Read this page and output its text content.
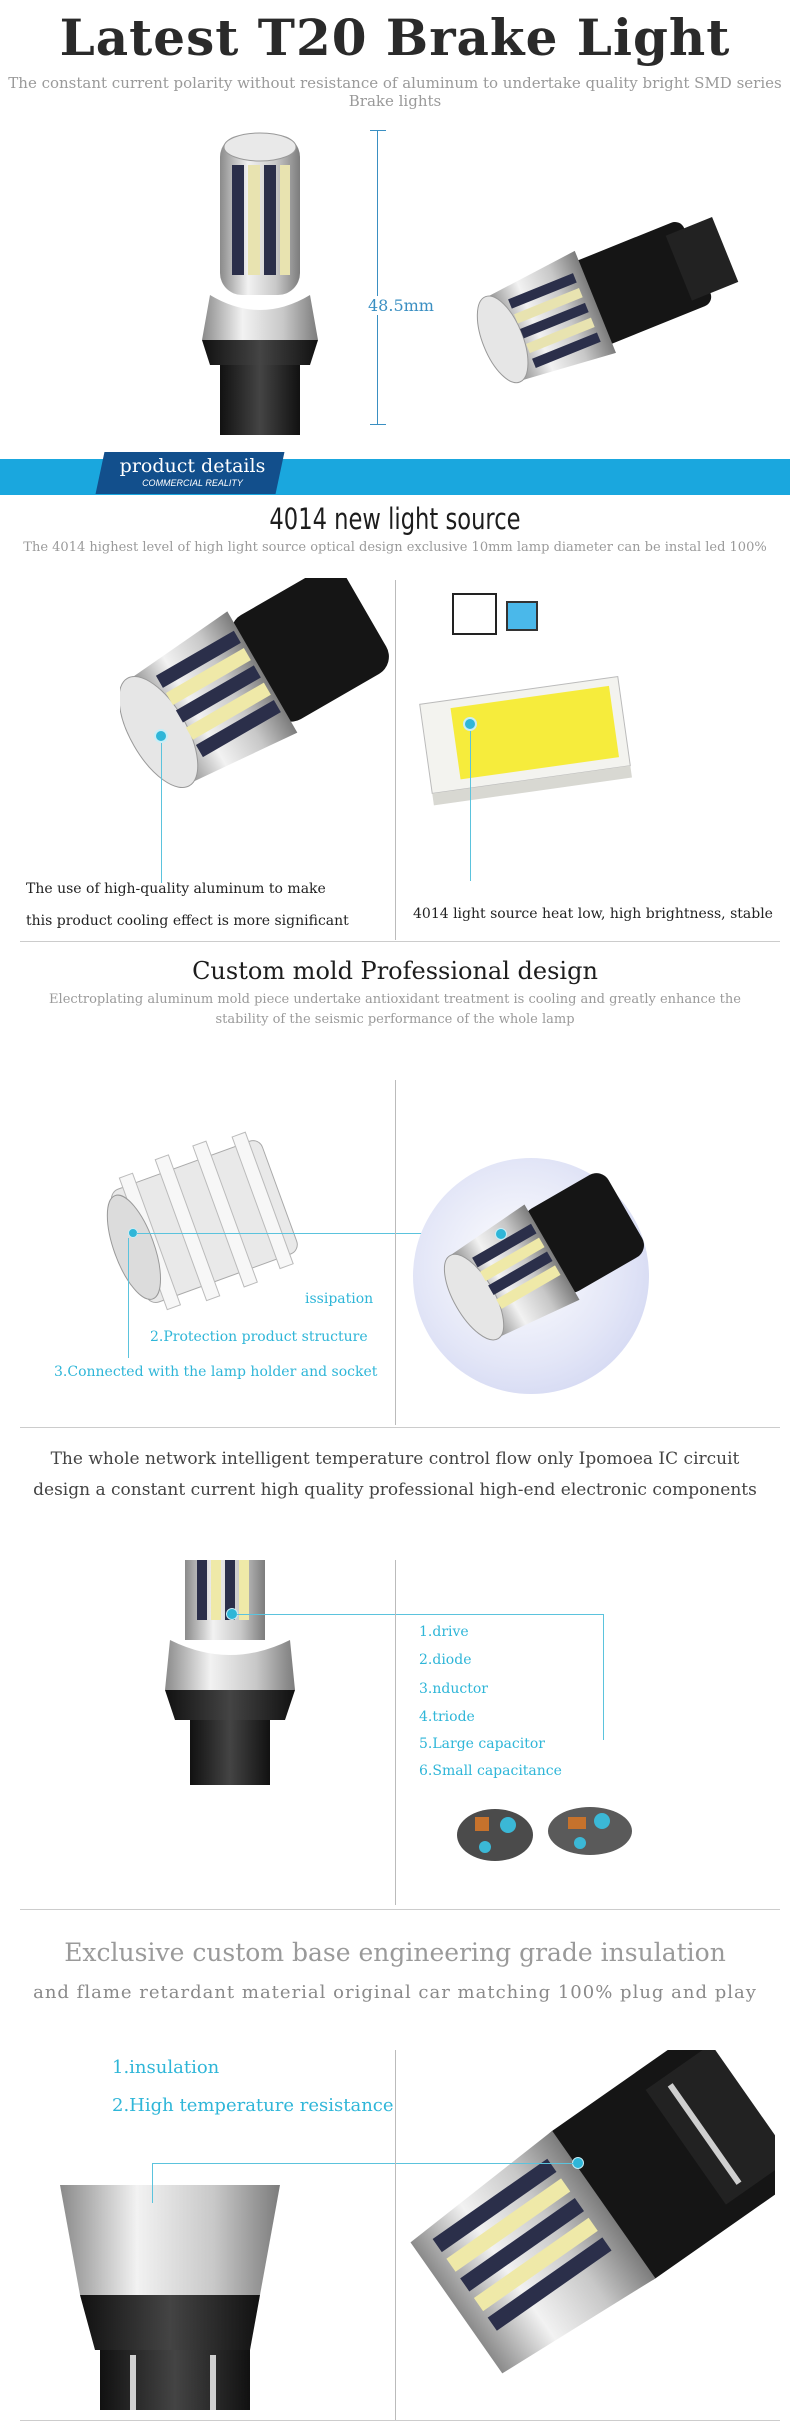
Latest T20 Brake Light
The constant current polarity without resistance of aluminum to undertake quality bright SMD series Brake lights
48.5mm
product details
COMMERCIAL REALITY
4014 new light source
The 4014 highest level of high light source optical design exclusive 10mm lamp diameter can be instal led 100%
The use of high-quality aluminum to make
this product cooling effect is more significant	4014 light source heat low, high brightness, stable
Custom mold Professional design
Electroplating aluminum mold piece undertake antioxidant treatment is cooling and greatly enhance the stability of the seismic performance of the whole lamp
issipation
2.Protection product structure
3.Connected with the lamp holder and socket
The whole network intelligent temperature control flow only Ipomoea IC circuit design a constant current high quality professional high-end electronic components
1.drive
2.diode
3.nductor
4.triode
5.Large capacitor
6.Small capacitance
Exclusive custom base engineering grade insulation
and flame retardant material original car matching 100% plug and play
1.insulation
2.High temperature resistance
